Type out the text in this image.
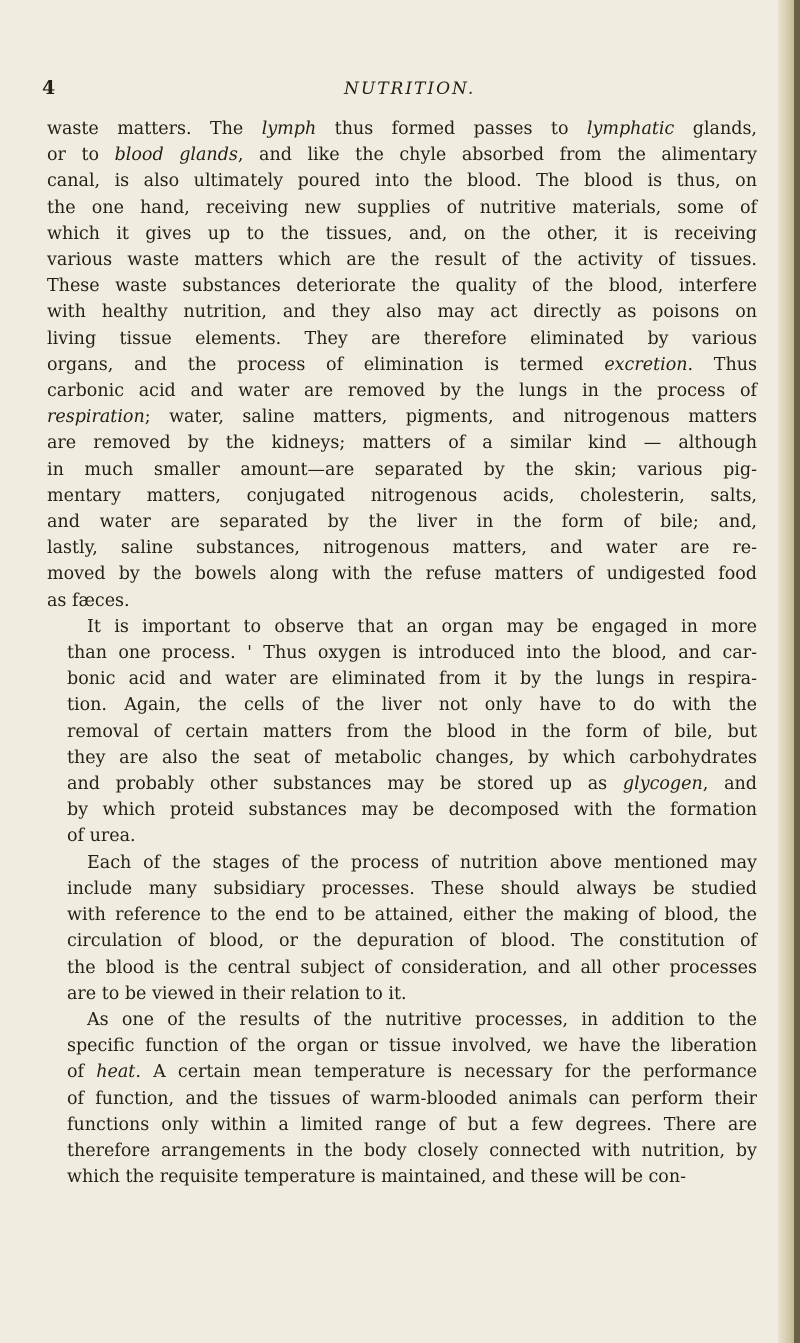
4	NUTRITION.

waste matters. The lymph thus formed passes to lymphatic glands,
or to blood glands, and like the chyle absorbed from the alimentary
canal, is also ultimately poured into the blood. The blood is thus, on
the one hand, receiving new supplies of nutritive materials, some of
which it gives up to the tissues, and, on the other, it is receiving
various waste matters which are the result of the activity of tissues.
These waste substances deteriorate the quality of the blood, interfere
with healthy nutrition, and they also may act directly as poisons on
living tissue elements. They are therefore eliminated by various
organs, and the process of elimination is termed excretion. Thus
carbonic acid and water are removed by the lungs in the process of
respiration; water, saline matters, pigments, and nitrogenous matters
are removed by the kidneys; matters of a similar kind — although
in much smaller amount—are separated by the skin; various pig-
mentary matters, conjugated nitrogenous acids, cholesterin, salts,
and water are separated by the liver in the form of bile; and,
lastly, saline substances, nitrogenous matters, and water are re-
moved by the bowels along with the refuse matters of undigested food
as fæces.

It is important to observe that an organ may be engaged in more
than one process. ' Thus oxygen is introduced into the blood, and car-
bonic acid and water are eliminated from it by the lungs in respira-
tion. Again, the cells of the liver not only have to do with the
removal of certain matters from the blood in the form of bile, but
they are also the seat of metabolic changes, by which carbohydrates
and probably other substances may be stored up as glycogen, and
by which proteid substances may be decomposed with the formation
of urea.

Each of the stages of the process of nutrition above mentioned may
include many subsidiary processes. These should always be studied
with reference to the end to be attained, either the making of blood, the
circulation of blood, or the depuration of blood. The constitution of
the blood is the central subject of consideration, and all other processes
are to be viewed in their relation to it.

As one of the results of the nutritive processes, in addition to the
specific function of the organ or tissue involved, we have the liberation
of heat. A certain mean temperature is necessary for the performance
of function, and the tissues of warm-blooded animals can perform their
functions only within a limited range of but a few degrees. There are
therefore arrangements in the body closely connected with nutrition, by
which the requisite temperature is maintained, and these will be con-
